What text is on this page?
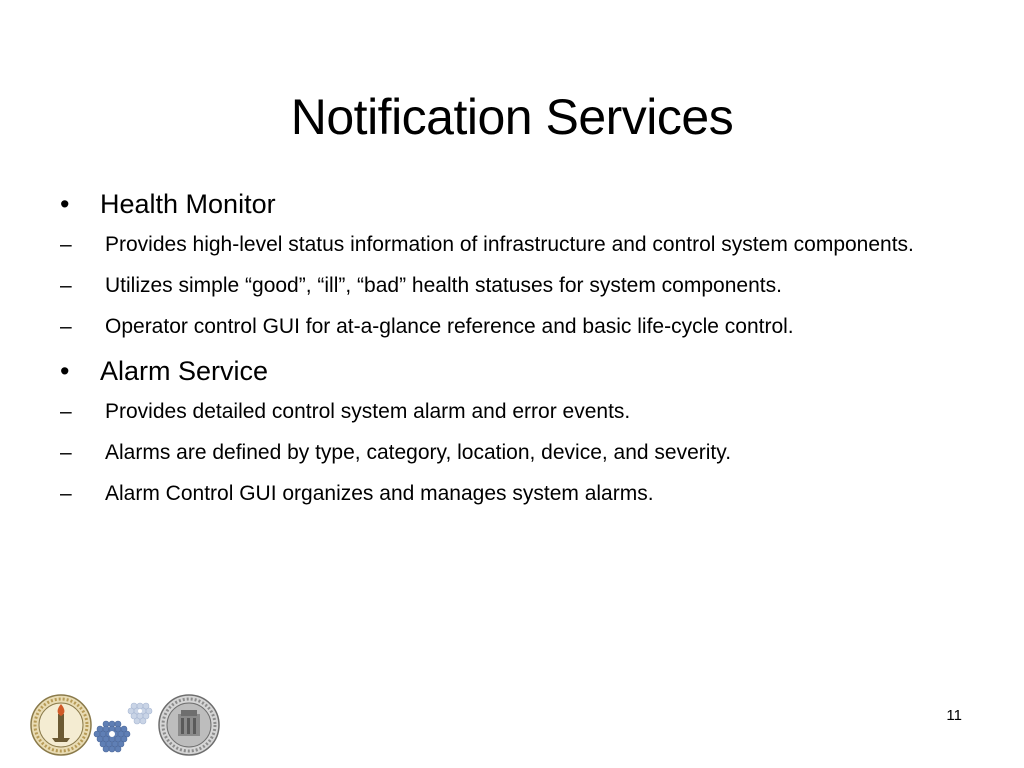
Notification Services
•	Health Monitor
–	Provides high-level status information of infrastructure and control system components.
–	Utilizes simple “good”, “ill”, “bad” health statuses for system components.
–	Operator control GUI for at-a-glance reference and basic life-cycle control.
•	Alarm Service
–	Provides detailed control system alarm and error events.
–	Alarms are defined by type, category, location, device, and severity.
–	Alarm Control GUI organizes and manages system alarms.
11
